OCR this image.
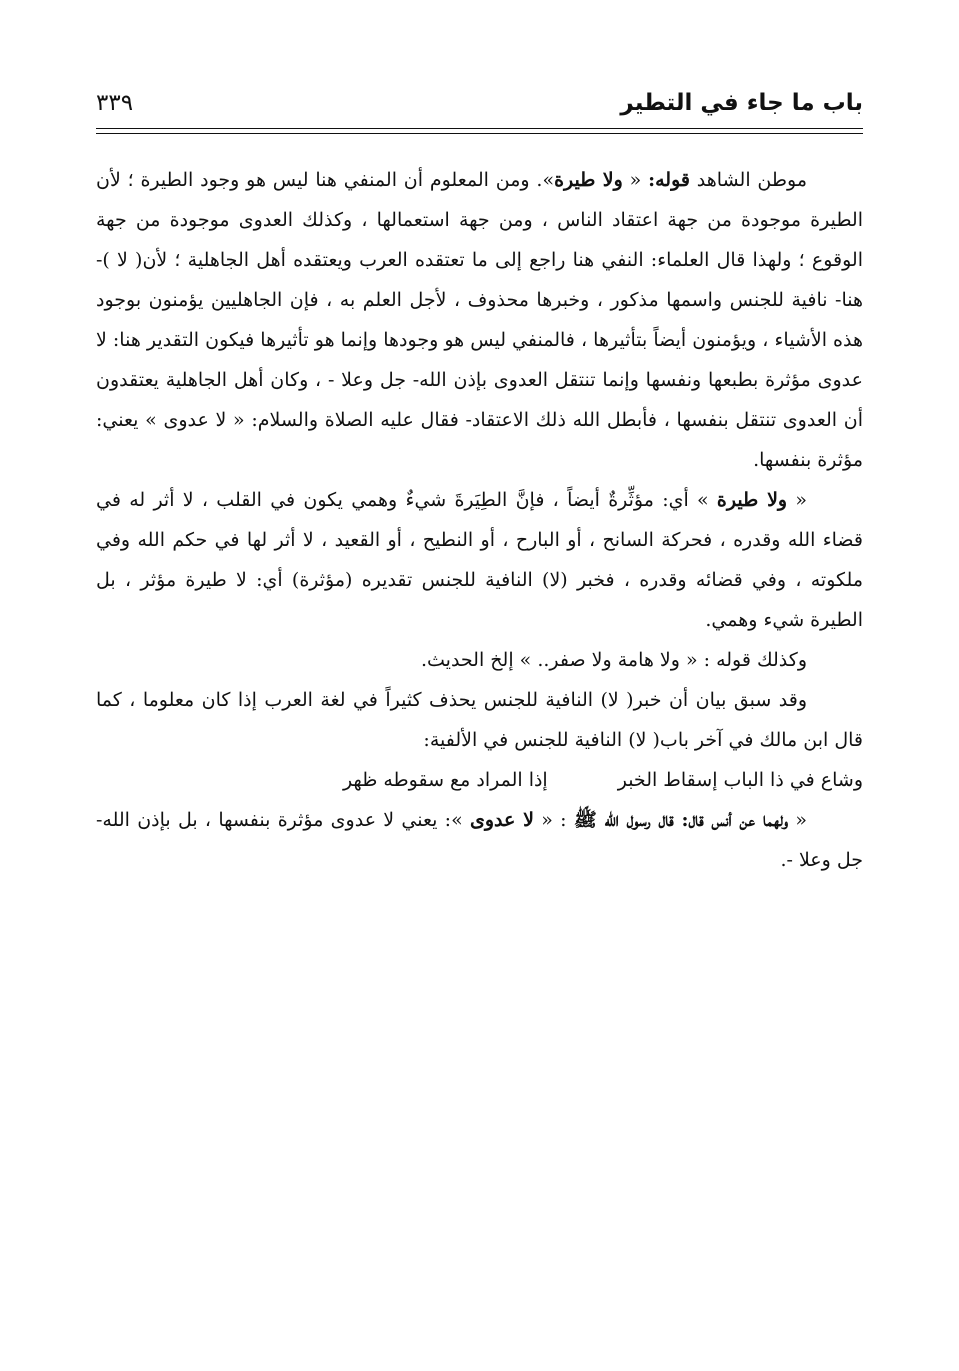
باب ما جاء في التطير
٣٣٩

موطن الشاهد قوله: « ولا طيرة». ومن المعلوم أن المنفي هنا ليس هو وجود الطيرة ؛ لأن الطيرة موجودة من جهة اعتقاد الناس ، ومن جهة استعمالها ، وكذلك العدوى موجودة من جهة الوقوع ؛ ولهذا قال العلماء: النفي هنا راجع إلى ما تعتقده العرب ويعتقده أهل الجاهلية ؛ لأن( لا )-هنا- نافية للجنس واسمها مذكور ، وخبرها محذوف ، لأجل العلم به ، فإن الجاهليين يؤمنون بوجود هذه الأشياء ، ويؤمنون أيضاً بتأثيرها ، فالمنفي ليس هو وجودها وإنما هو تأثيرها فيكون التقدير هنا: لا عدوى مؤثرة بطبعها ونفسها وإنما تنتقل العدوى بإذن الله- جل وعلا - ، وكان أهل الجاهلية يعتقدون أن العدوى تنتقل بنفسها ، فأبطل الله ذلك الاعتقاد- فقال عليه الصلاة والسلام: « لا عدوى » يعني: مؤثرة بنفسها.

« ولا طيرة » أي: مؤثِّرةٌ أيضاً ، فإنَّ الطِيَرةَ شيءٌ وهمي يكون في القلب ، لا أثر له في قضاء الله وقدره ، فحركة السانح ، أو البارح ، أو النطيح ، أو القعيد ، لا أثر لها في حكم الله وفي ملكوته ، وفي قضائه وقدره ، فخبر (لا) النافية للجنس تقديره (مؤثرة) أي: لا طيرة مؤثر ، بل الطيرة شيء وهمي.

وكذلك قوله : « ولا هامة ولا صفر.. » إلخ الحديث.

وقد سبق بيان أن خبر( لا) النافية للجنس يحذف كثيراً في لغة العرب إذا كان معلوما ، كما قال ابن مالك في آخر باب( لا) النافية للجنس في الألفية:

وشاع في ذا الباب إسقاط الخبر
إذا المراد مع سقوطه ظهر

« ولهما عن أنس قال: قال رسول الله ﷺ : « لا عدوى »: يعني لا عدوى مؤثرة بنفسها ، بل بإذن الله- جل وعلا -.
